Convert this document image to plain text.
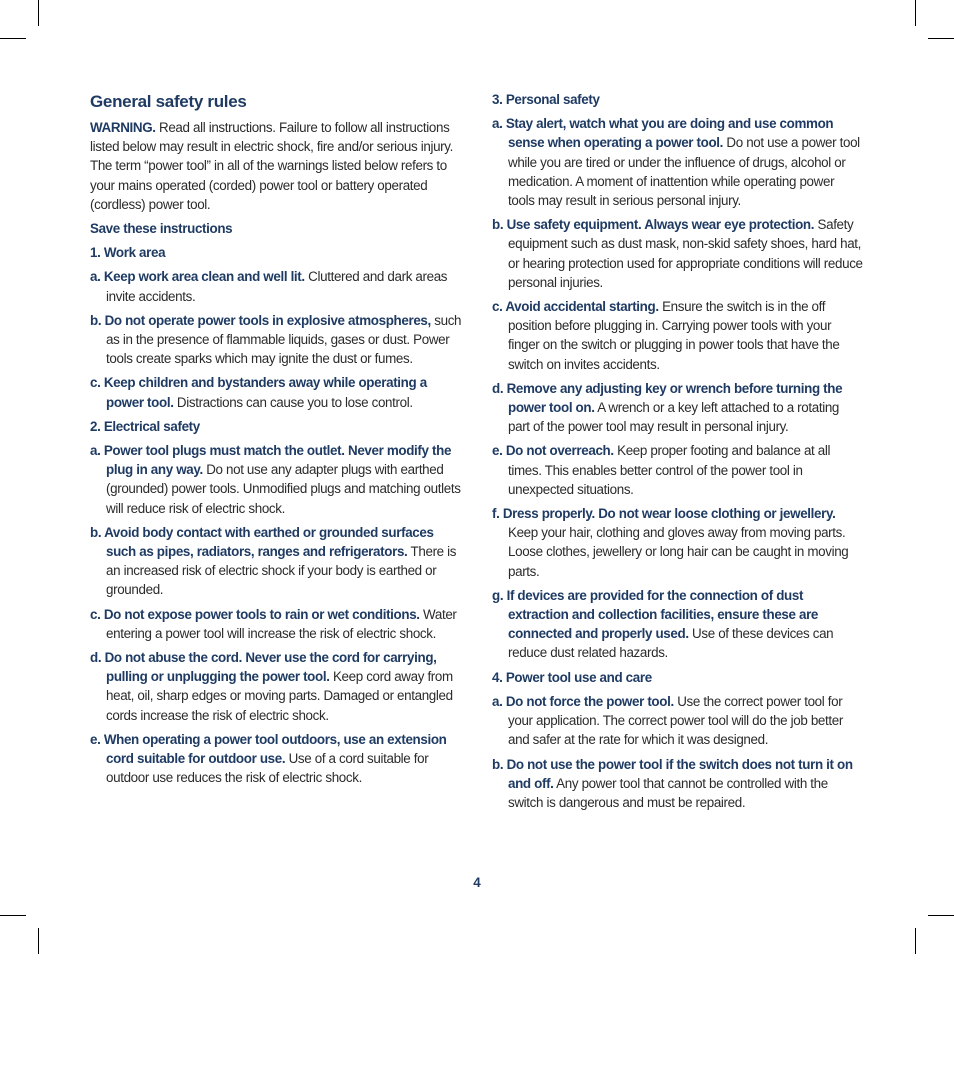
General safety rules

WARNING. Read all instructions. Failure to follow all instructions listed below may result in electric shock, fire and/or serious injury. The term “power tool” in all of the warnings listed below refers to your mains operated (corded) power tool or battery operated (cordless) power tool.

Save these instructions
1. Work area

a. Keep work area clean and well lit. Cluttered and dark areas invite accidents.

b. Do not operate power tools in explosive atmospheres, such as in the presence of flammable liquids, gases or dust. Power tools create sparks which may ignite the dust or fumes.

c. Keep children and bystanders away while operating a power tool. Distractions can cause you to lose control.

2. Electrical safety

a. Power tool plugs must match the outlet. Never modify the plug in any way. Do not use any adapter plugs with earthed (grounded) power tools. Unmodified plugs and matching outlets will reduce risk of electric shock.

b. Avoid body contact with earthed or grounded surfaces such as pipes, radiators, ranges and refrigerators. There is an increased risk of electric shock if your body is earthed or grounded.

c. Do not expose power tools to rain or wet conditions. Water entering a power tool will increase the risk of electric shock.

d. Do not abuse the cord. Never use the cord for carrying, pulling or unplugging the power tool. Keep cord away from heat, oil, sharp edges or moving parts. Damaged or entangled cords increase the risk of electric shock.

e. When operating a power tool outdoors, use an extension cord suitable for outdoor use. Use of a cord suitable for outdoor use reduces the risk of electric shock.

3. Personal safety

a. Stay alert, watch what you are doing and use common sense when operating a power tool. Do not use a power tool while you are tired or under the influence of drugs, alcohol or medication. A moment of inattention while operating power tools may result in serious personal injury.

b. Use safety equipment. Always wear eye protection. Safety equipment such as dust mask, non-skid safety shoes, hard hat, or hearing protection used for appropriate conditions will reduce personal injuries.

c. Avoid accidental starting. Ensure the switch is in the off position before plugging in. Carrying power tools with your finger on the switch or plugging in power tools that have the switch on invites accidents.

d. Remove any adjusting key or wrench before turning the power tool on. A wrench or a key left attached to a rotating part of the power tool may result in personal injury.

e. Do not overreach. Keep proper footing and balance at all times. This enables better control of the power tool in unexpected situations.

f. Dress properly. Do not wear loose clothing or jewellery. Keep your hair, clothing and gloves away from moving parts. Loose clothes, jewellery or long hair can be caught in moving parts.

g. If devices are provided for the connection of dust extraction and collection facilities, ensure these are connected and properly used. Use of these devices can reduce dust related hazards.

4. Power tool use and care

a. Do not force the power tool. Use the correct power tool for your application. The correct power tool will do the job better and safer at the rate for which it was designed.

b. Do not use the power tool if the switch does not turn it on and off. Any power tool that cannot be controlled with the switch is dangerous and must be repaired.

4
